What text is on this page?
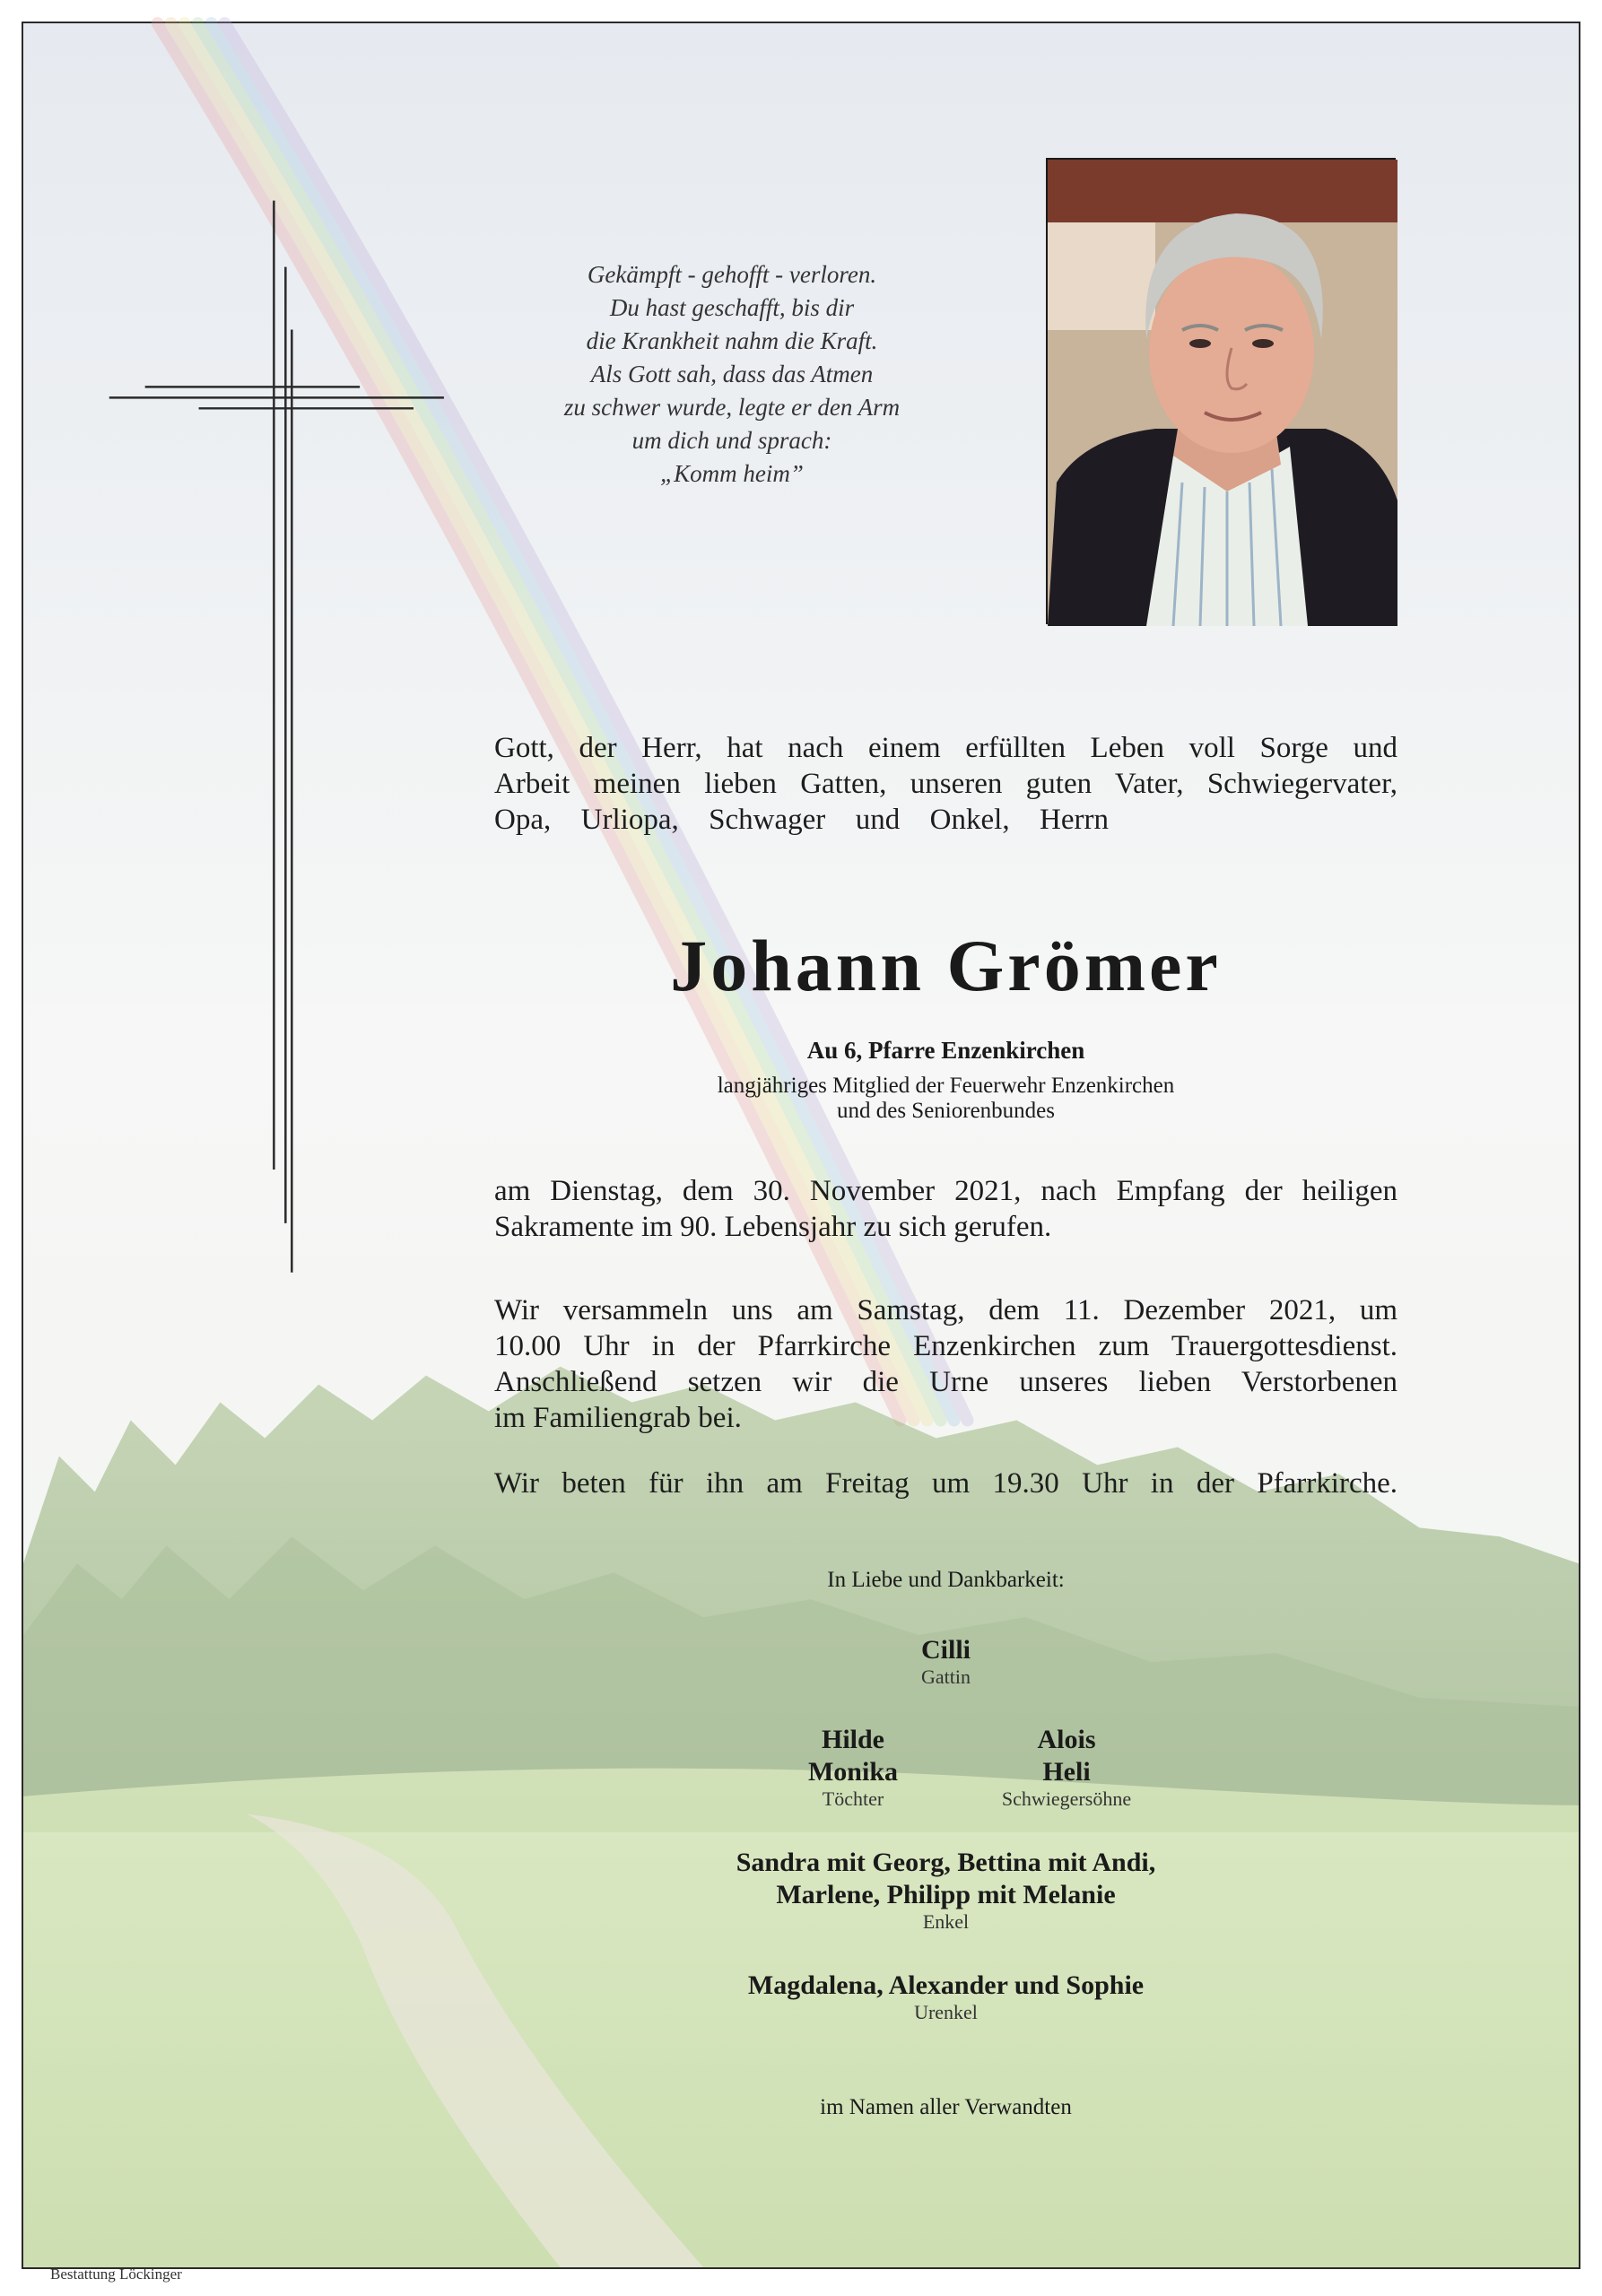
Gekämpft - gehofft - verloren.
Du hast geschafft, bis dir
die Krankheit nahm die Kraft.
Als Gott sah, dass das Atmen
zu schwer wurde, legte er den Arm
um dich und sprach:
„Komm heim”
Gott, der Herr, hat nach einem erfüllten Leben voll Sorge und
Arbeit meinen lieben Gatten, unseren guten Vater, Schwiegervater,
Opa, Urliopa, Schwager und Onkel, Herrn
Johann Grömer
Au 6, Pfarre Enzenkirchen
langjähriges Mitglied der Feuerwehr Enzenkirchen
und des Seniorenbundes
am Dienstag, dem 30. November 2021, nach Empfang der heiligen
Sakramente im 90. Lebensjahr zu sich gerufen.
Wir versammeln uns am Samstag, dem 11. Dezember 2021, um
10.00 Uhr in der Pfarrkirche Enzenkirchen zum Trauergottesdienst.
Anschließend setzen wir die Urne unseres lieben Verstorbenen
im Familiengrab bei.
Wir beten für ihn am Freitag um 19.30 Uhr in der Pfarrkirche.
In Liebe und Dankbarkeit:
Cilli
Gattin
Hilde
Monika
Töchter
Alois
Heli
Schwiegersöhne
Sandra mit Georg, Bettina mit Andi,
Marlene, Philipp mit Melanie
Enkel
Magdalena, Alexander und Sophie
Urenkel
im Namen aller Verwandten
Bestattung Löckinger
